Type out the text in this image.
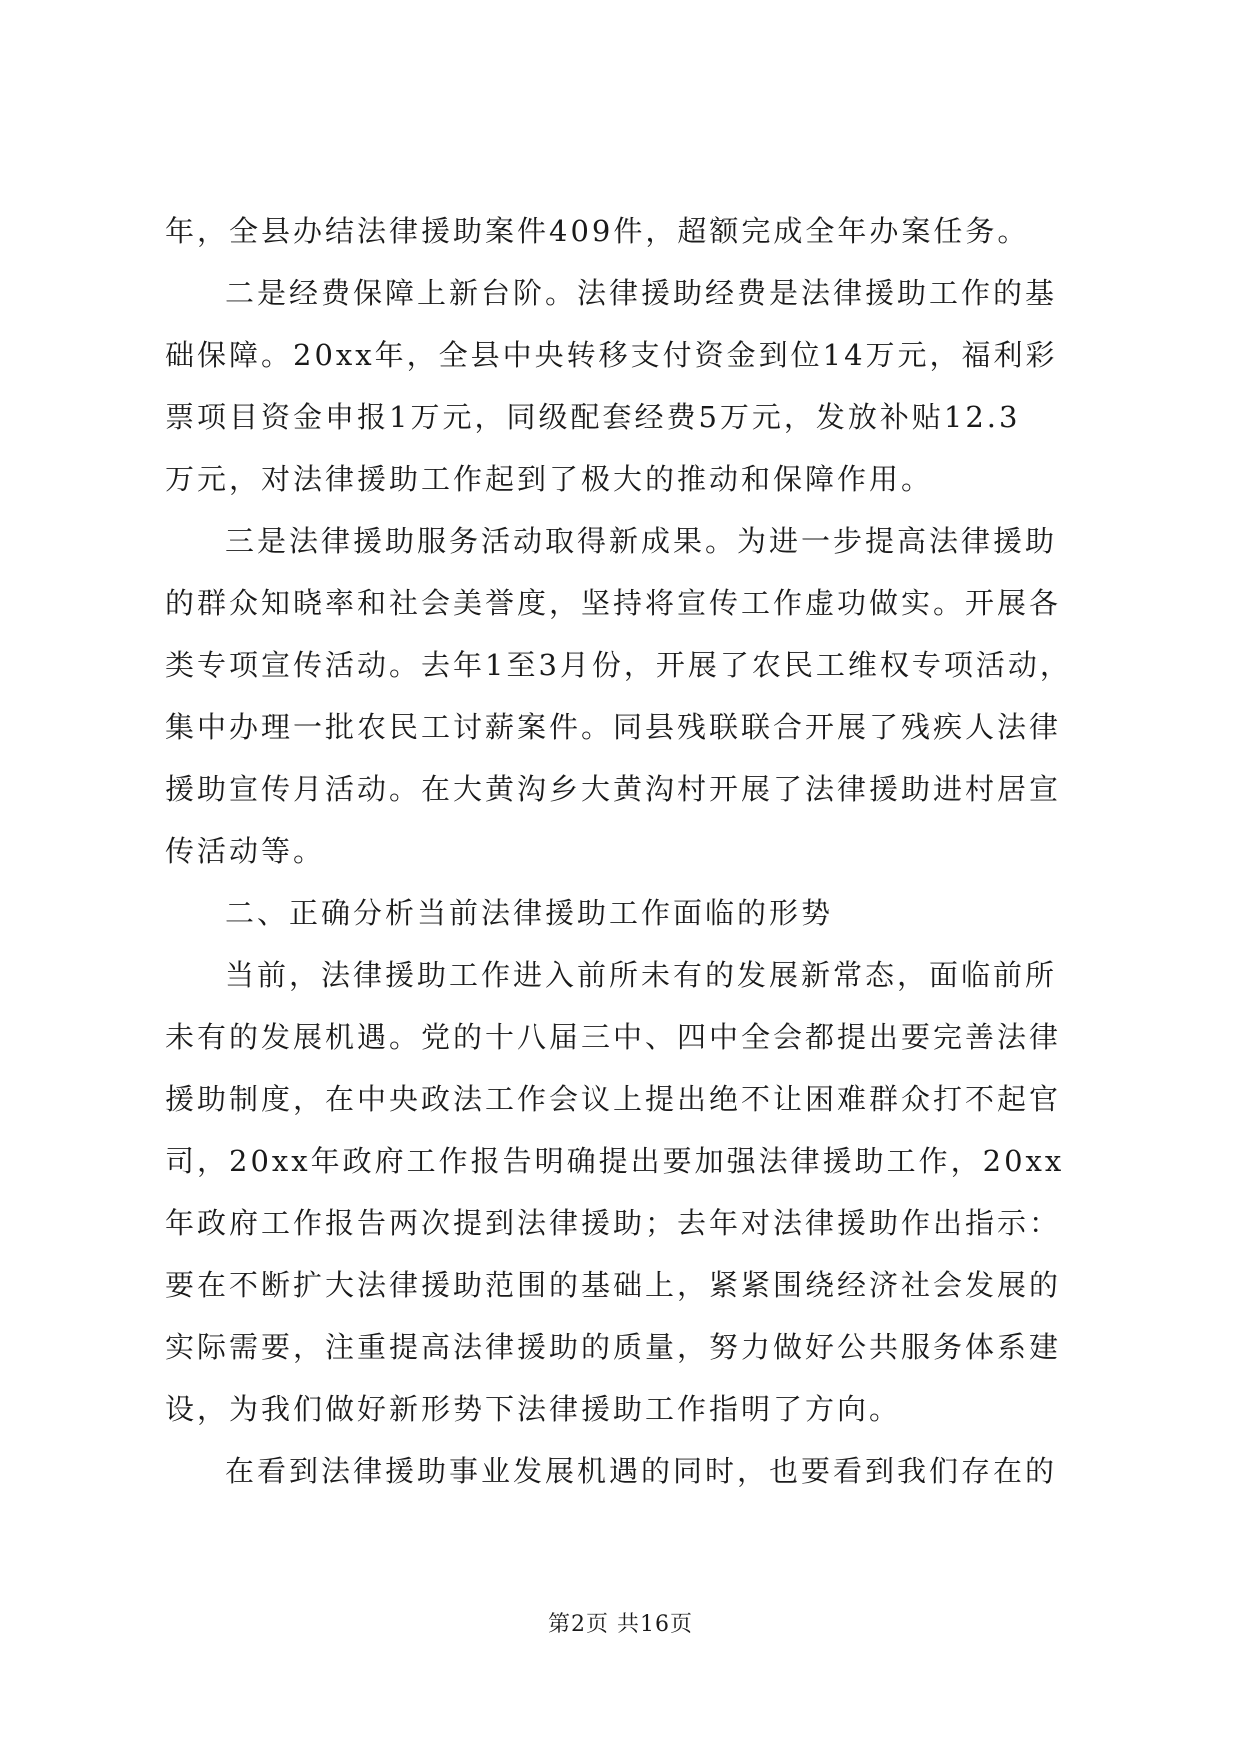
年，全县办结法律援助案件409件，超额完成全年办案任务。
二是经费保障上新台阶。法律援助经费是法律援助工作的基
础保障。20xx年，全县中央转移支付资金到位14万元，福利彩
票项目资金申报1万元，同级配套经费5万元，发放补贴12.3
万元，对法律援助工作起到了极大的推动和保障作用。
三是法律援助服务活动取得新成果。为进一步提高法律援助
的群众知晓率和社会美誉度，坚持将宣传工作虚功做实。开展各
类专项宣传活动。去年1至3月份，开展了农民工维权专项活动，
集中办理一批农民工讨薪案件。同县残联联合开展了残疾人法律
援助宣传月活动。在大黄沟乡大黄沟村开展了法律援助进村居宣
传活动等。
二、正确分析当前法律援助工作面临的形势
当前，法律援助工作进入前所未有的发展新常态，面临前所
未有的发展机遇。党的十八届三中、四中全会都提出要完善法律
援助制度，在中央政法工作会议上提出绝不让困难群众打不起官
司，20xx年政府工作报告明确提出要加强法律援助工作，20xx
年政府工作报告两次提到法律援助；去年对法律援助作出指示：
要在不断扩大法律援助范围的基础上，紧紧围绕经济社会发展的
实际需要，注重提高法律援助的质量，努力做好公共服务体系建
设，为我们做好新形势下法律援助工作指明了方向。
在看到法律援助事业发展机遇的同时，也要看到我们存在的
第2页 共16页
